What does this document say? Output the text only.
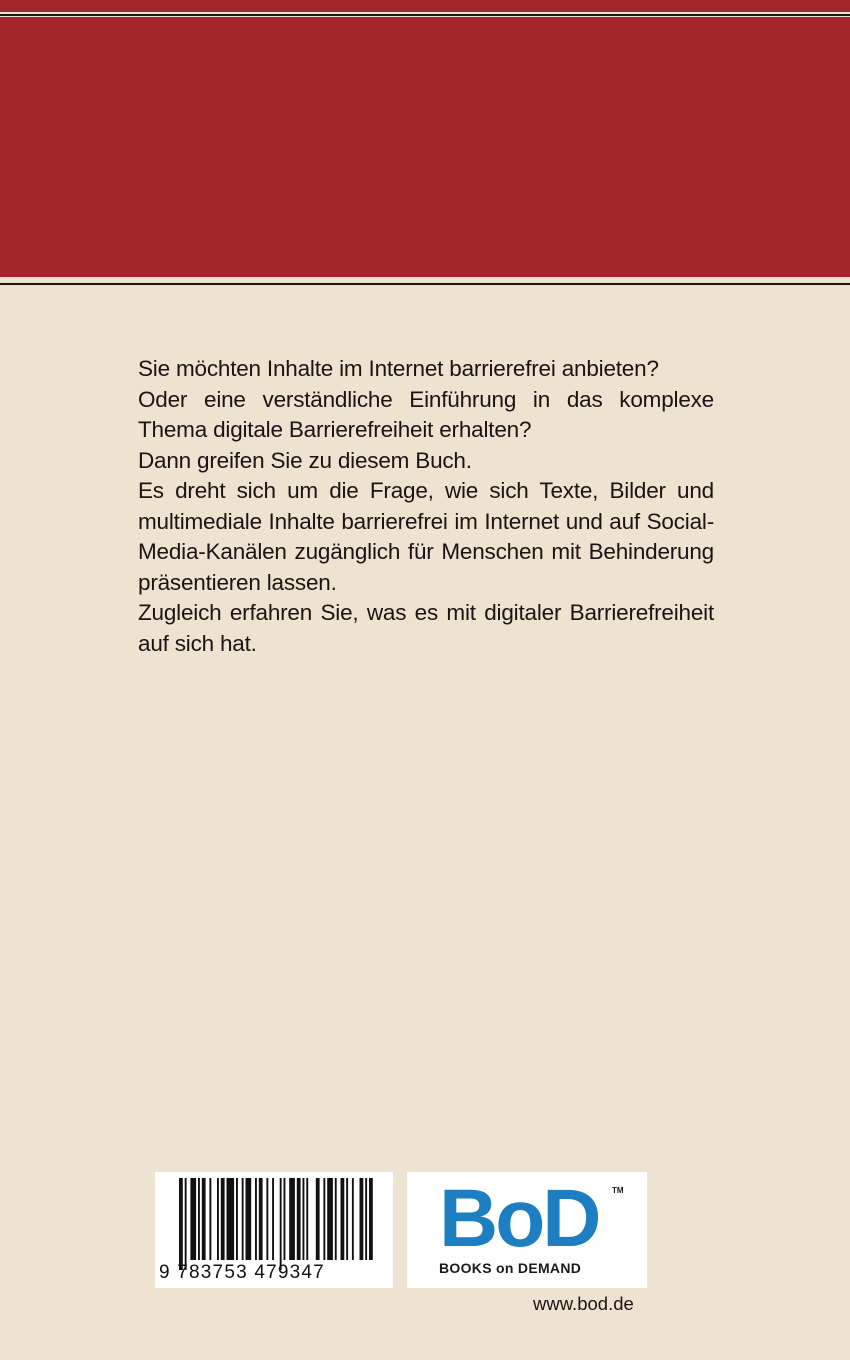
Sie möchten Inhalte im Internet barrierefrei anbieten?

Oder eine verständliche Einführung in das komplexe Thema digitale Barrierefreiheit erhalten?

Dann greifen Sie zu diesem Buch.

Es dreht sich um die Frage, wie sich Texte, Bilder und multimediale Inhalte barrierefrei im Internet und auf Social-Media-Kanälen zugänglich für Menschen mit Behinderung präsentieren lassen.

Zugleich erfahren Sie, was es mit digitaler Barrierefreiheit auf sich hat.

9 783753 479347
BoD TM
BOOKS on DEMAND
www.bod.de
